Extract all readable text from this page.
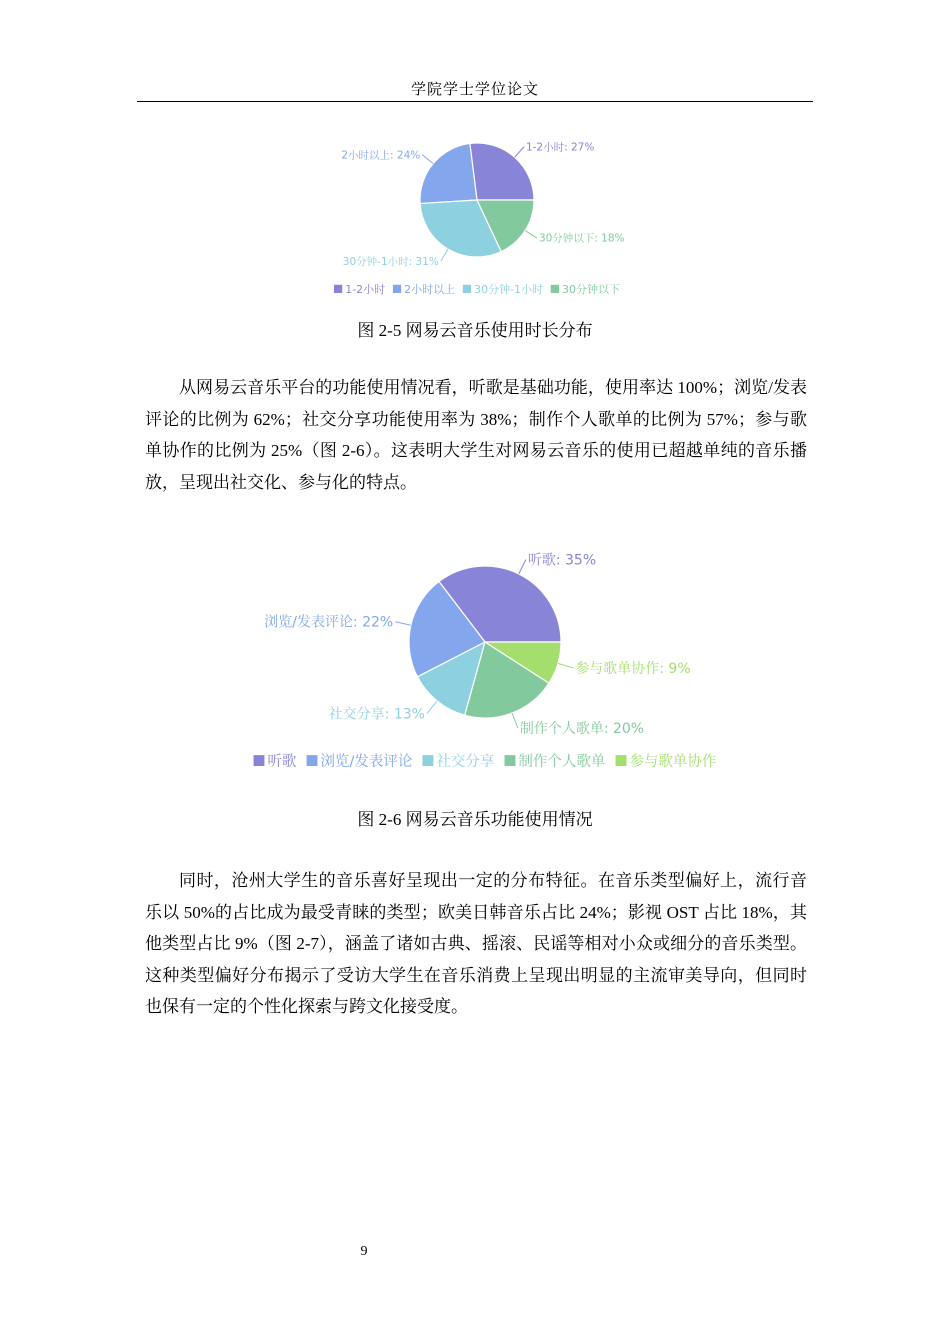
学院学士学位论文
1-2小时: 27%
2小时以上: 24%
30分钟-1小时: 31%
30分钟以下: 18%
1-2小时 2小时以上 30分钟-1小时 30分钟以下
图 2-5 网易云音乐使用时长分布
从网易云音乐平台的功能使用情况看，听歌是基础功能，使用率达 100%；浏览/发表评论的比例为 62%；社交分享功能使用率为 38%；制作个人歌单的比例为 57%；参与歌单协作的比例为 25%（图 2-6）。这表明大学生对网易云音乐的使用已超越单纯的音乐播放，呈现出社交化、参与化的特点。
听歌: 35%
浏览/发表评论: 22%
社交分享: 13%
制作个人歌单: 20%
参与歌单协作: 9%
听歌 浏览/发表评论 社交分享 制作个人歌单 参与歌单协作
图 2-6 网易云音乐功能使用情况
同时，沧州大学生的音乐喜好呈现出一定的分布特征。在音乐类型偏好上，流行音乐以 50%的占比成为最受青睐的类型；欧美日韩音乐占比 24%；影视 OST 占比 18%，其他类型占比 9%（图 2-7），涵盖了诸如古典、摇滚、民谣等相对小众或细分的音乐类型。这种类型偏好分布揭示了受访大学生在音乐消费上呈现出明显的主流审美导向，但同时也保有一定的个性化探索与跨文化接受度。
9
